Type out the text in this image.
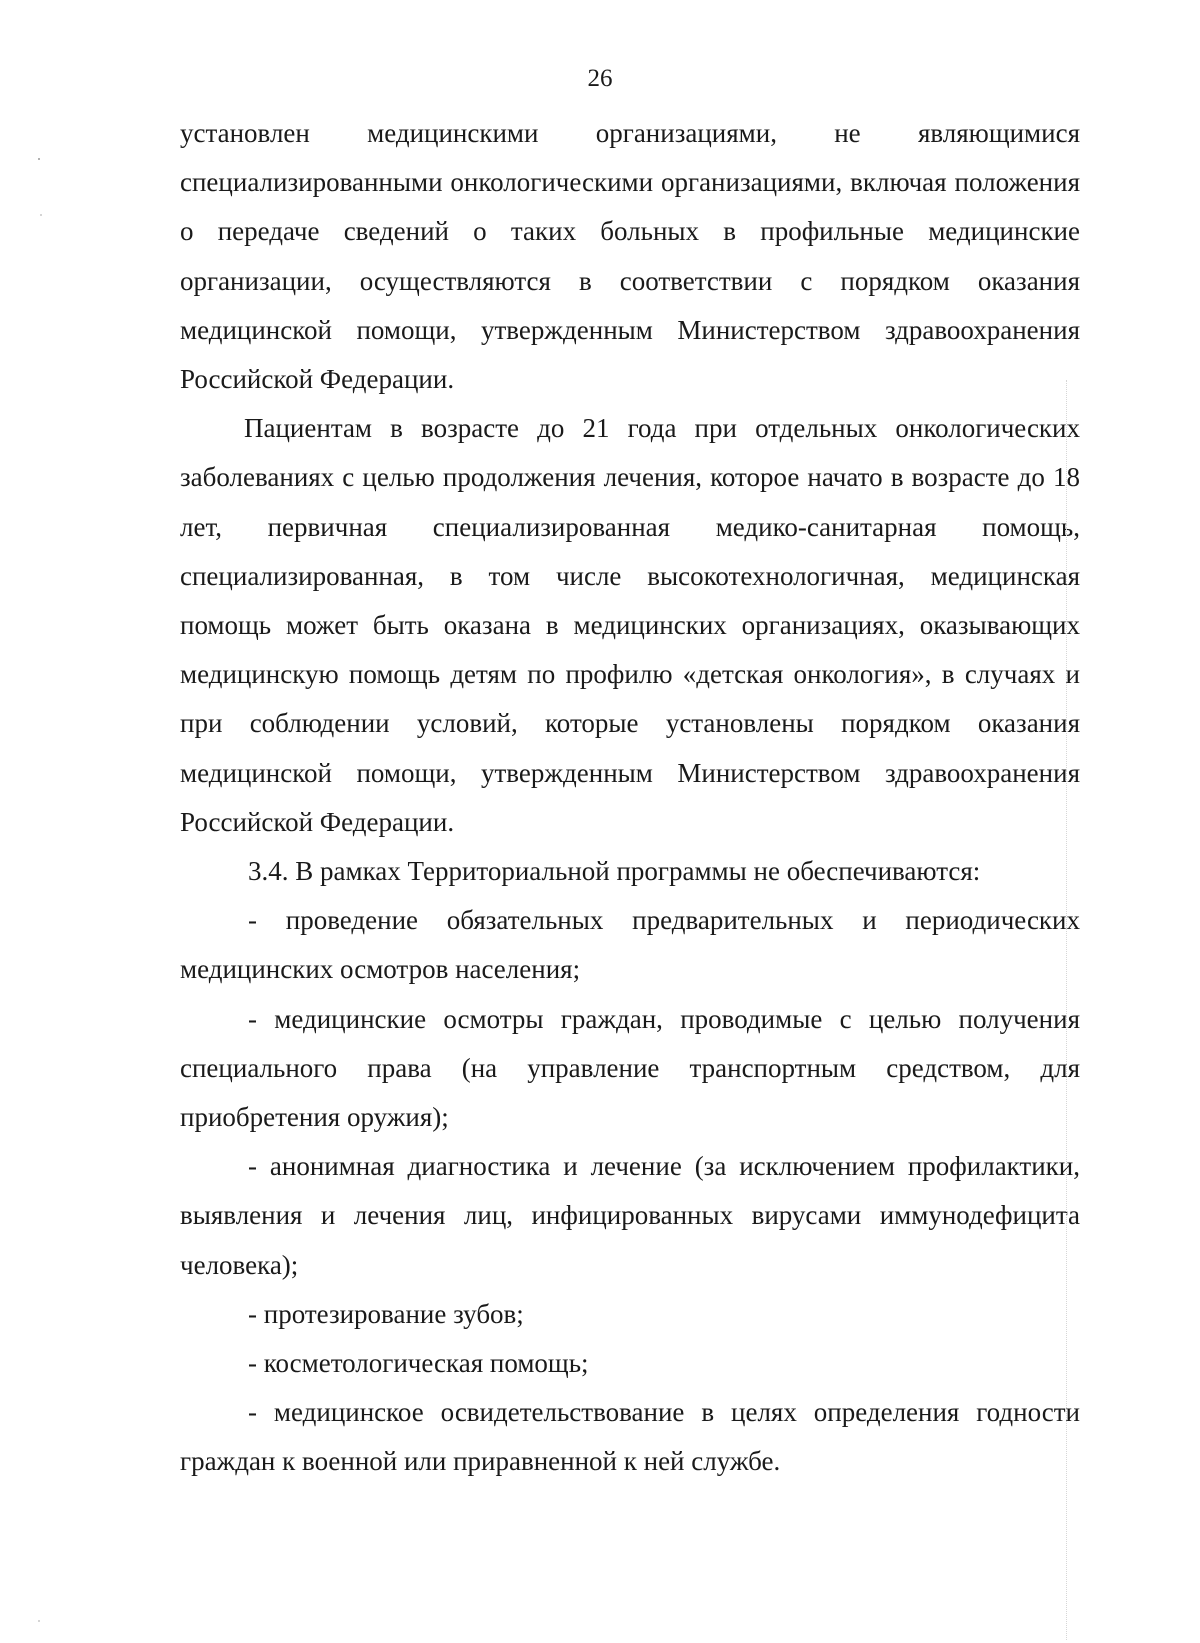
26

установлен медицинскими организациями, не являющимися специализированными онкологическими организациями, включая положения о передаче сведений о таких больных в профильные медицинские организации, осуществляются в соответствии с порядком оказания медицинской помощи, утвержденным Министерством здравоохранения Российской Федерации.

Пациентам в возрасте до 21 года при отдельных онкологических заболеваниях с целью продолжения лечения, которое начато в возрасте до 18 лет, первичная специализированная медико-санитарная помощь, специализированная, в том числе высокотехнологичная, медицинская помощь может быть оказана в медицинских организациях, оказывающих медицинскую помощь детям по профилю «детская онкология», в случаях и при соблюдении условий, которые установлены порядком оказания медицинской помощи, утвержденным Министерством здравоохранения Российской Федерации.

3.4. В рамках Территориальной программы не обеспечиваются:

- проведение обязательных предварительных и периодических медицинских осмотров населения;

- медицинские осмотры граждан, проводимые с целью получения специального права (на управление транспортным средством, для приобретения оружия);

- анонимная диагностика и лечение (за исключением профилактики, выявления и лечения лиц, инфицированных вирусами иммунодефицита человека);

- протезирование зубов;

- косметологическая помощь;

- медицинское освидетельствование в целях определения годности граждан к военной или приравненной к ней службе.
